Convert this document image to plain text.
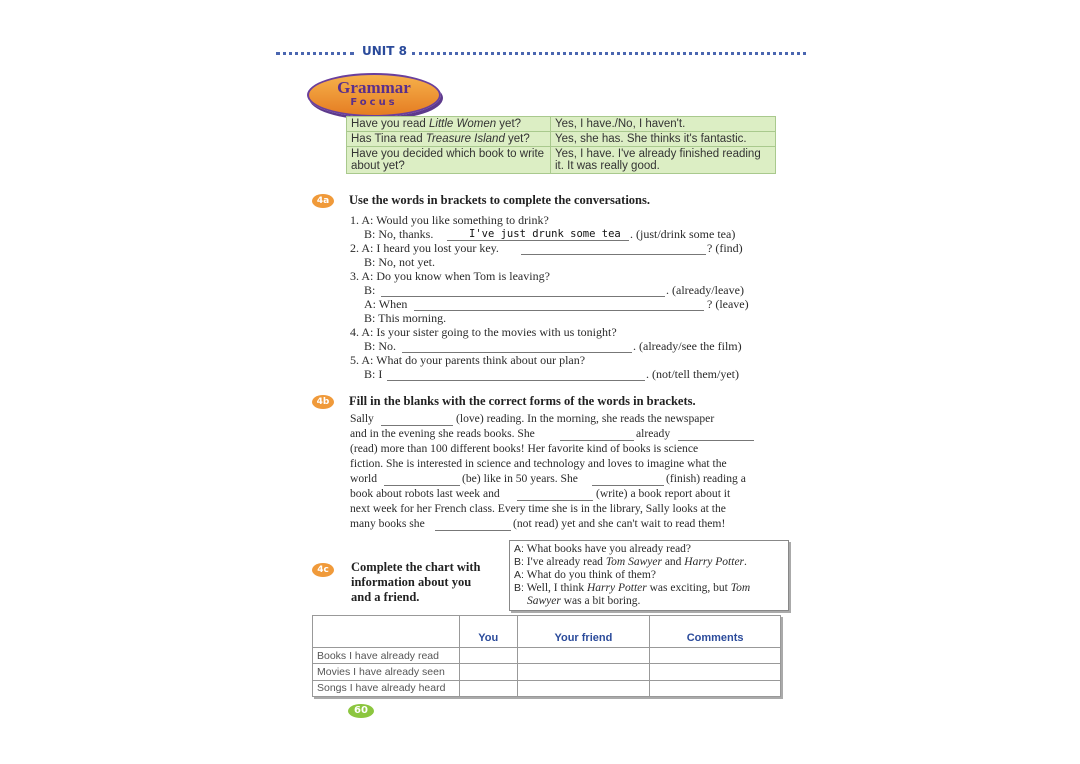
UNIT 8
Grammar
Focus
Have you read Little Women yet?	Yes, I have./No, I haven't.
Has Tina read Treasure Island yet?	Yes, she has. She thinks it's fantastic.
Have you decided which book to write about yet?	Yes, I have. I've already finished reading it. It was really good.
4a	Use the words in brackets to complete the conversations.
1. A: Would you like something to drink?
B: No, thanks.	I've just drunk some tea . (just/drink some tea)
2. A: I heard you lost your key.	? (find)
B: No, not yet.
3. A: Do you know when Tom is leaving?
B:	. (already/leave)
A: When	? (leave)
B: This morning.
4. A: Is your sister going to the movies with us tonight?
B: No.	. (already/see the film)
5. A: What do your parents think about our plan?
B: I	. (not/tell them/yet)
4b	Fill in the blanks with the correct forms of the words in brackets.
Sally	(love) reading. In the morning, she reads the newspaper
and in the evening she reads books. She	already
(read) more than 100 different books! Her favorite kind of books is science
fiction. She is interested in science and technology and loves to imagine what the
world	(be) like in 50 years. She	(finish) reading a
book about robots last week and	(write) a book report about it
next week for her French class. Every time she is in the library, Sally looks at the
many books she	(not read) yet and she can't wait to read them!
4c	Complete the chart with
information about you
and a friend.
A: What books have you already read?
B: I've already read Tom Sawyer and Harry Potter.
A: What do you think of them?
B: Well, I think Harry Potter was exciting, but Tom
Sawyer was a bit boring.
	You	Your friend	Comments
Books I have already read			
Movies I have already seen			
Songs I have already heard			
60
